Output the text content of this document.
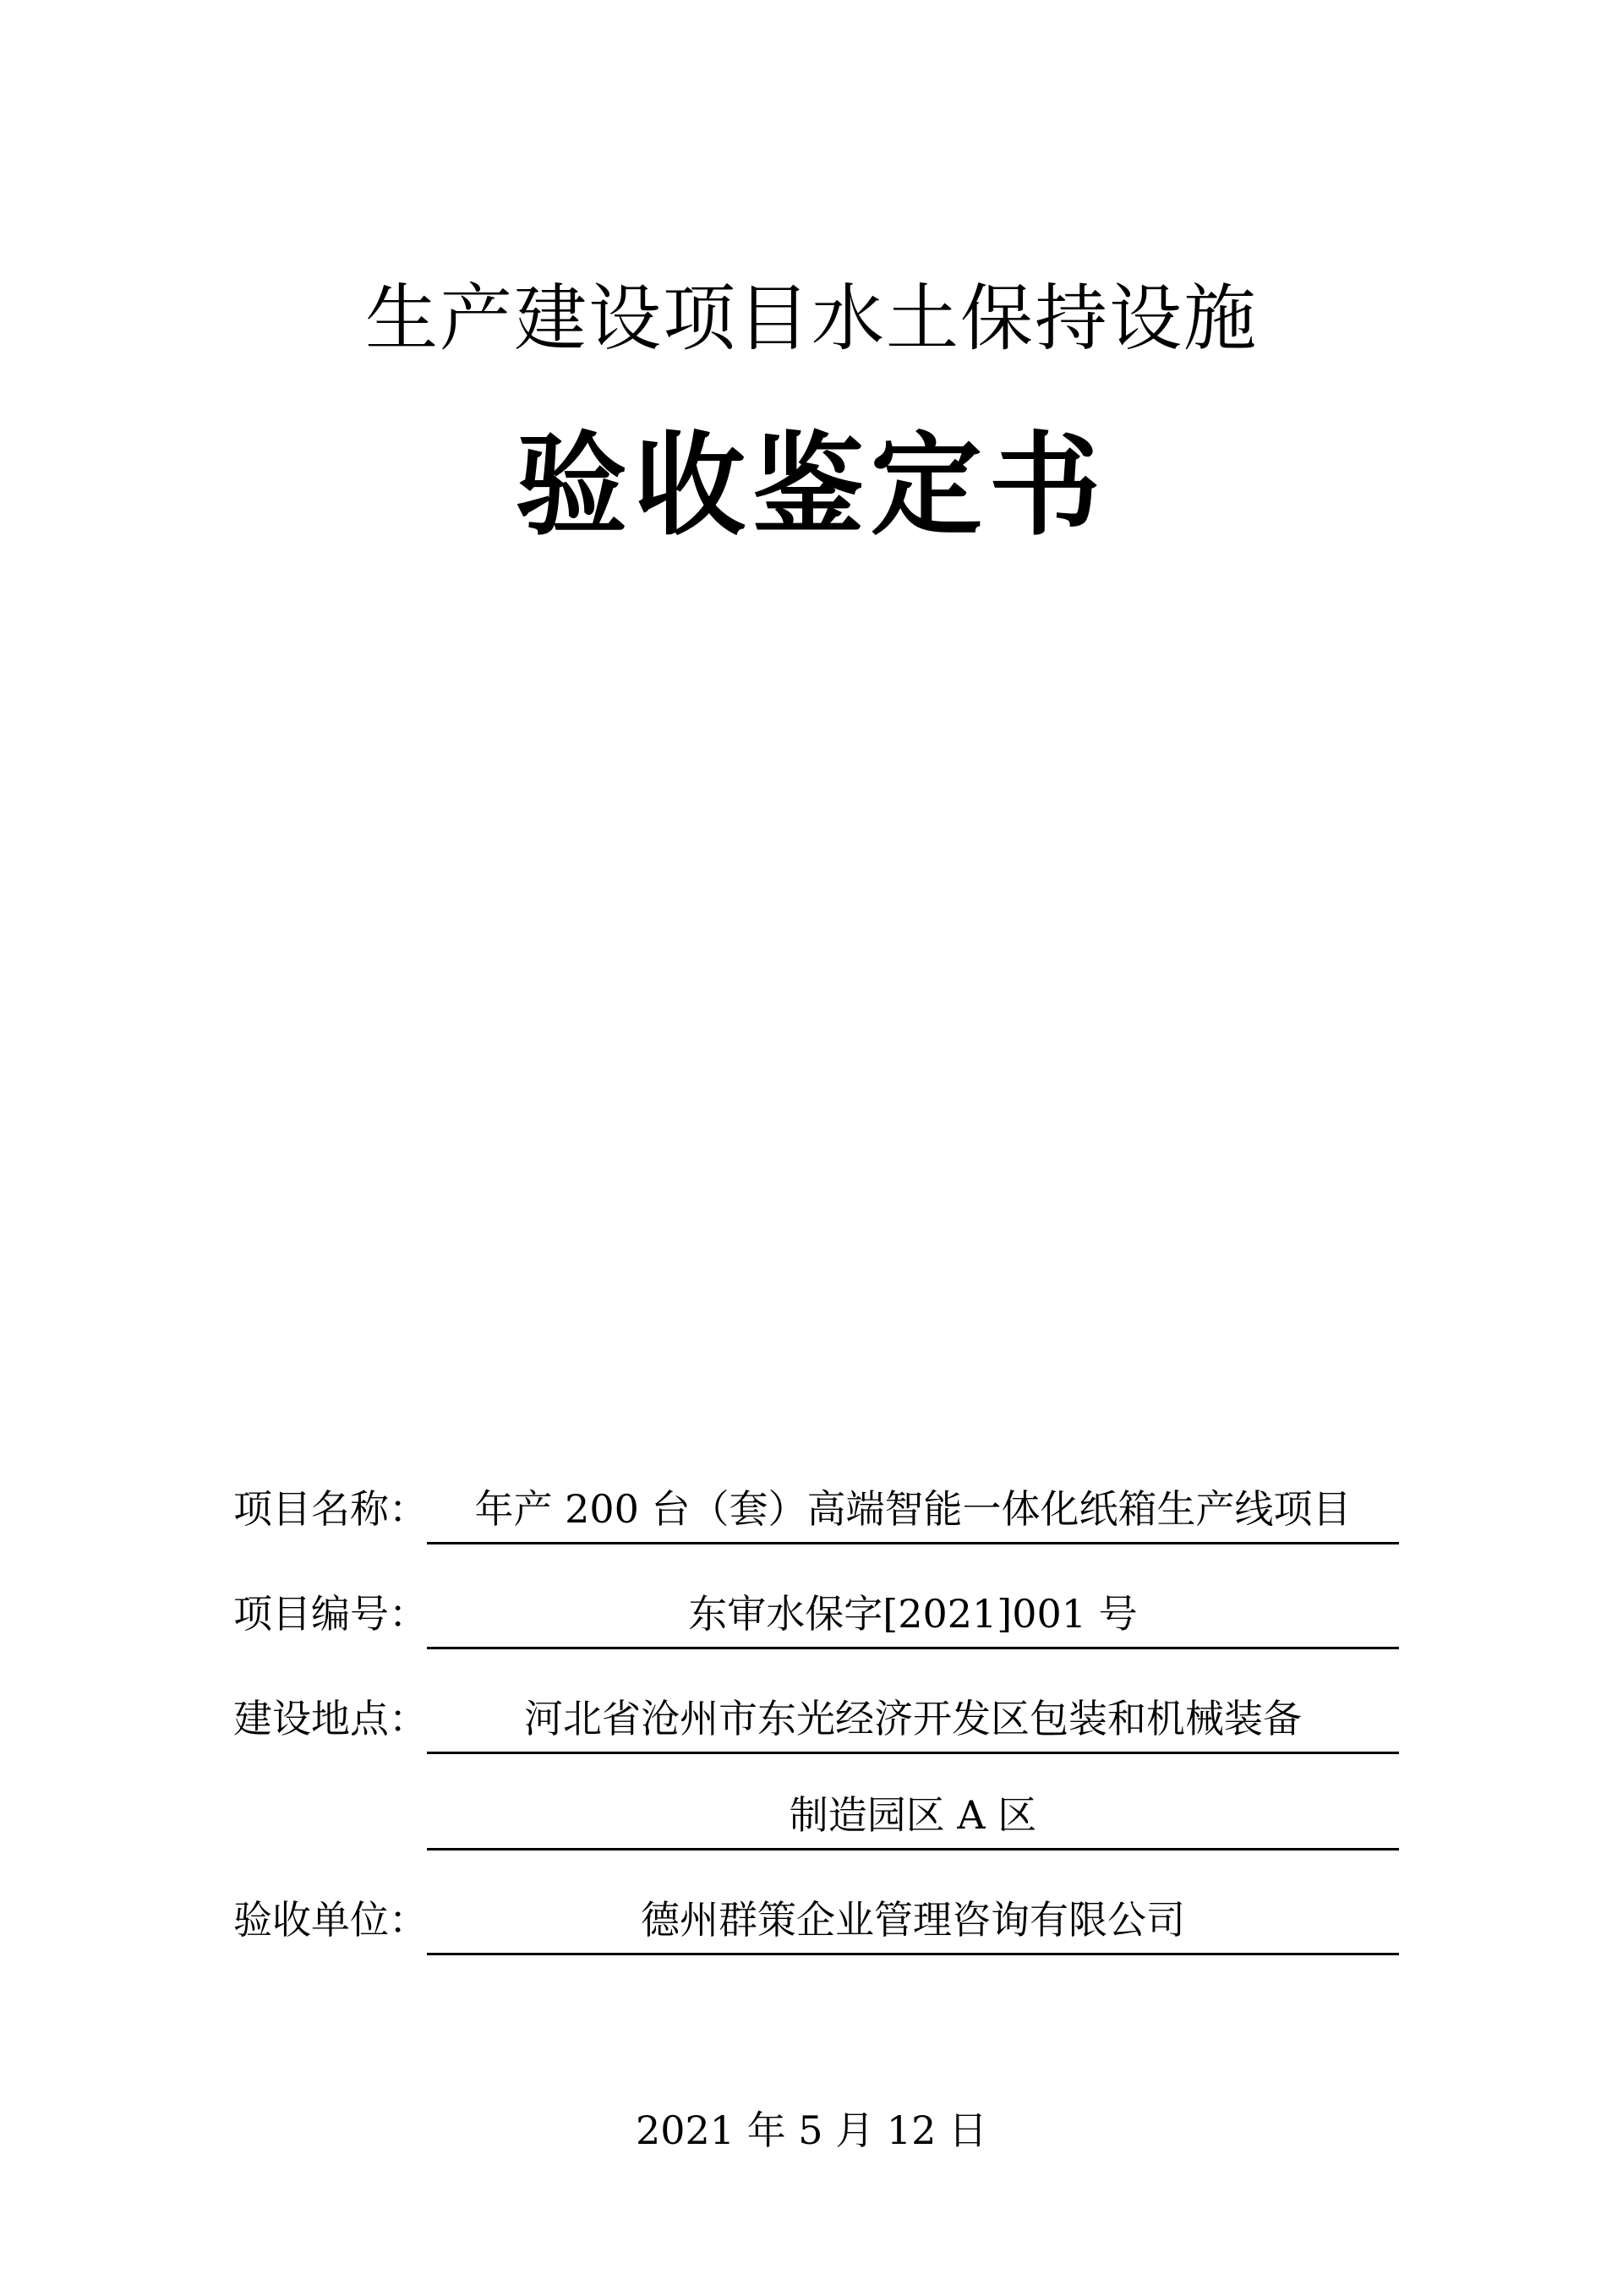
生产建设项目水土保持设施
验收鉴定书
项目名称：	年产 200 台（套）高端智能一体化纸箱生产线项目
项目编号：	东审水保字[2021]001 号
建设地点：	河北省沧州市东光经济开发区包装和机械装备
制造园区 A 区
验收单位：	德州群策企业管理咨询有限公司
2021 年 5 月 12 日
